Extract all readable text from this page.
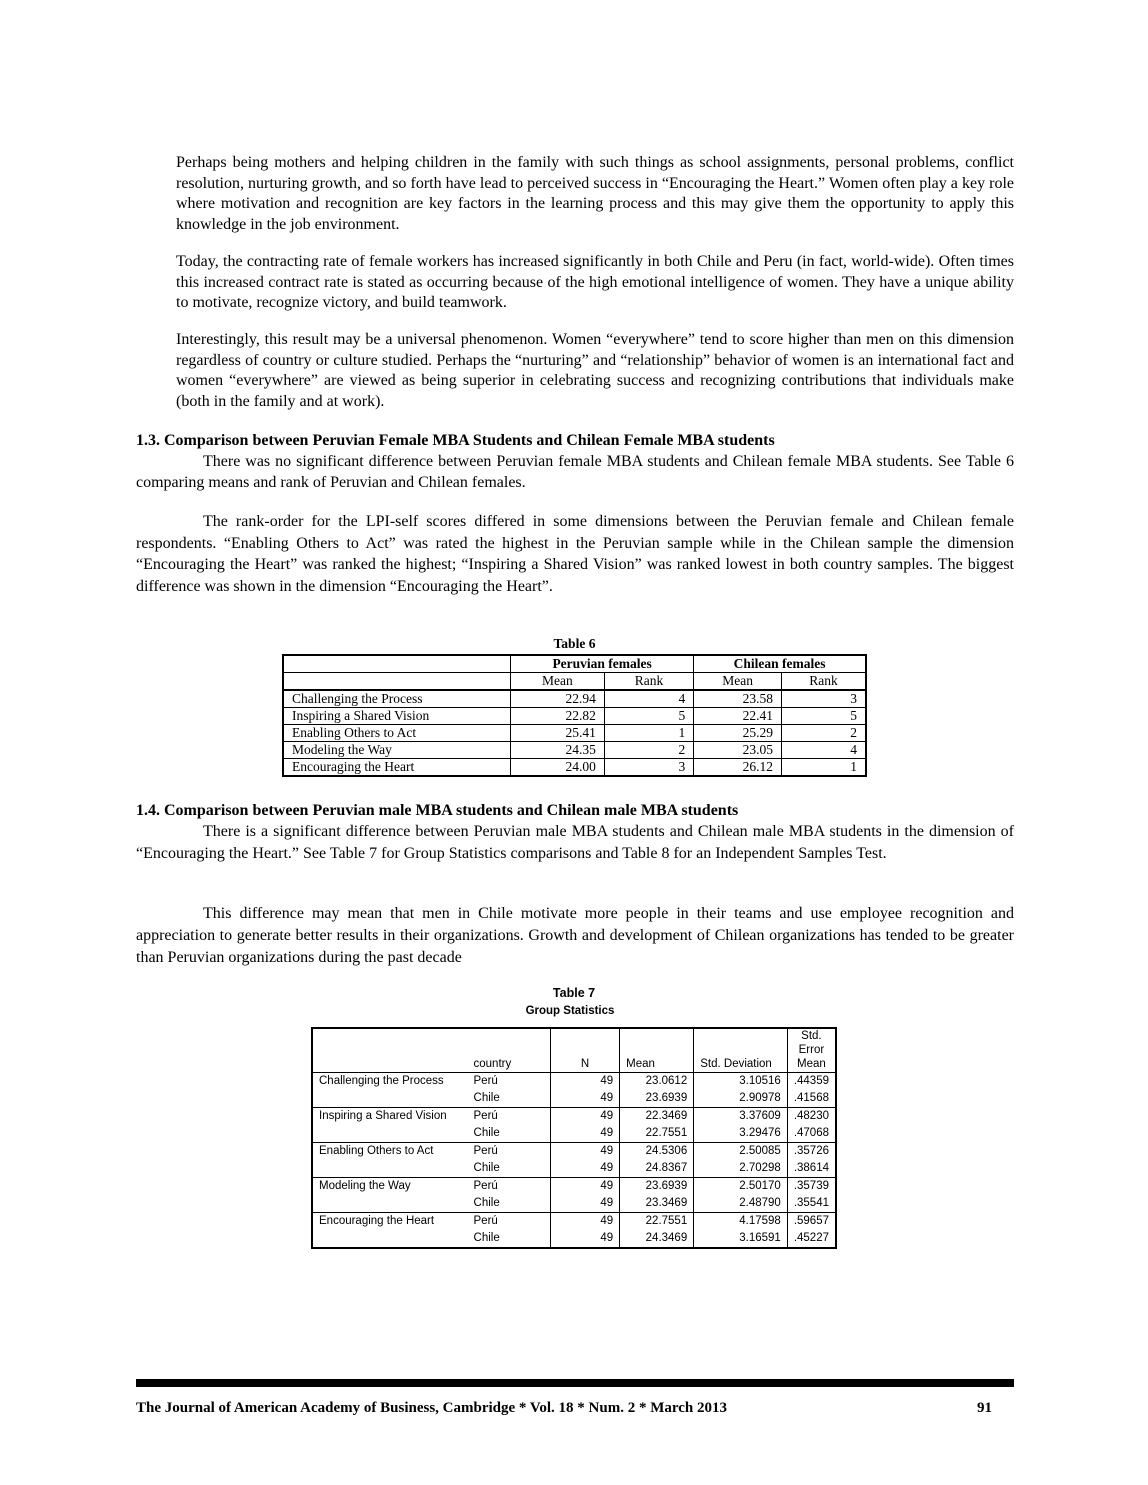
Perhaps being mothers and helping children in the family with such things as school assignments, personal problems, conflict resolution, nurturing growth, and so forth have lead to perceived success in “Encouraging the Heart.” Women often play a key role where motivation and recognition are key factors in the learning process and this may give them the opportunity to apply this knowledge in the job environment.

Today, the contracting rate of female workers has increased significantly in both Chile and Peru (in fact, world-wide). Often times this increased contract rate is stated as occurring because of the high emotional intelligence of women. They have a unique ability to motivate, recognize victory, and build teamwork.

Interestingly, this result may be a universal phenomenon. Women “everywhere” tend to score higher than men on this dimension regardless of country or culture studied. Perhaps the “nurturing” and “relationship” behavior of women is an international fact and women “everywhere” are viewed as being superior in celebrating success and recognizing contributions that individuals make (both in the family and at work).

1.3. Comparison between Peruvian Female MBA Students and Chilean Female MBA students

There was no significant difference between Peruvian female MBA students and Chilean female MBA students. See Table 6 comparing means and rank of Peruvian and Chilean females.

The rank-order for the LPI-self scores differed in some dimensions between the Peruvian female and Chilean female respondents. “Enabling Others to Act” was rated the highest in the Peruvian sample while in the Chilean sample the dimension “Encouraging the Heart” was ranked the highest; “Inspiring a Shared Vision” was ranked lowest in both country samples. The biggest difference was shown in the dimension “Encouraging the Heart”.

Table 6
	Peruvian females		Chilean females	
	Mean	Rank	Mean	Rank
Challenging the Process	22.94	4	23.58	3
Inspiring a Shared Vision	22.82	5	22.41	5
Enabling Others to Act	25.41	1	25.29	2
Modeling the Way	24.35	2	23.05	4
Encouraging the Heart	24.00	3	26.12	1
1.4. Comparison between Peruvian male MBA students and Chilean male MBA students

There is a significant difference between Peruvian male MBA students and Chilean male MBA students in the dimension of “Encouraging the Heart.” See Table 7 for Group Statistics comparisons and Table 8 for an Independent Samples Test.

This difference may mean that men in Chile motivate more people in their teams and use employee recognition and appreciation to generate better results in their organizations. Growth and development of Chilean organizations has tended to be greater than Peruvian organizations during the past decade

Table 7
Group Statistics
	country	N	Mean	Std. Deviation	Std. Error
Mean
Challenging the Process	Perú	49	23.0612	3.10516	.44359
	Chile	49	23.6939	2.90978	.41568
Inspiring a Shared Vision	Perú	49	22.3469	3.37609	.48230
	Chile	49	22.7551	3.29476	.47068
Enabling Others to Act	Perú	49	24.5306	2.50085	.35726
	Chile	49	24.8367	2.70298	.38614
Modeling the Way	Perú	49	23.6939	2.50170	.35739
	Chile	49	23.3469	2.48790	.35541
Encouraging the Heart	Perú	49	22.7551	4.17598	.59657
	Chile	49	24.3469	3.16591	.45227
The Journal of American Academy of Business, Cambridge * Vol. 18 * Num. 2 * March 2013	91
